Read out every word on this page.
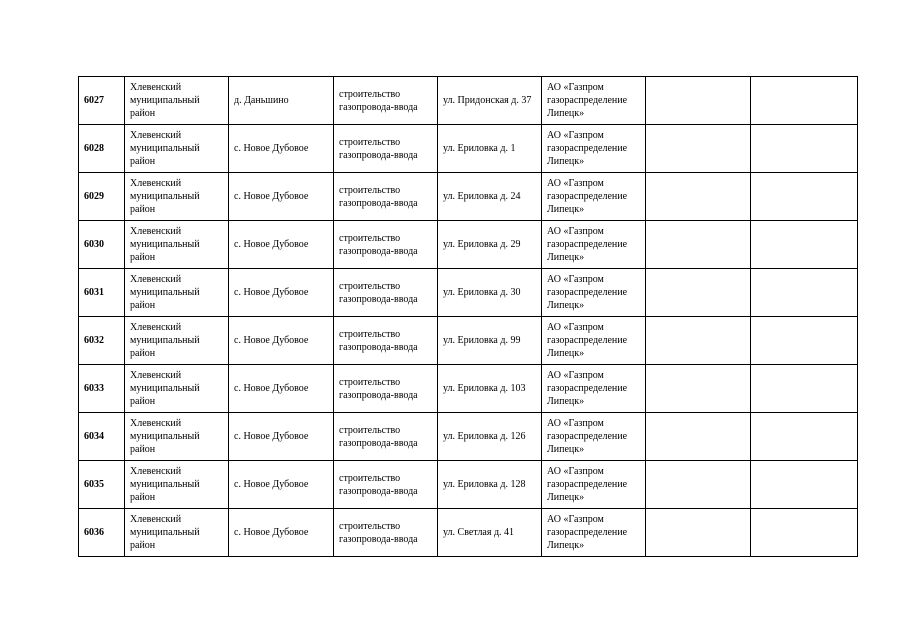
6027	Хлевенский муниципальный район	д. Даньшино	строительство газопровода-ввода	ул. Придонская д. 37	АО «Газпром газораспределение Липецк»		
6028	Хлевенский муниципальный район	с. Новое Дубовое	строительство газопровода-ввода	ул. Ериловка д. 1	АО «Газпром газораспределение Липецк»		
6029	Хлевенский муниципальный район	с. Новое Дубовое	строительство газопровода-ввода	ул. Ериловка д. 24	АО «Газпром газораспределение Липецк»		
6030	Хлевенский муниципальный район	с. Новое Дубовое	строительство газопровода-ввода	ул. Ериловка д. 29	АО «Газпром газораспределение Липецк»		
6031	Хлевенский муниципальный район	с. Новое Дубовое	строительство газопровода-ввода	ул. Ериловка д. 30	АО «Газпром газораспределение Липецк»		
6032	Хлевенский муниципальный район	с. Новое Дубовое	строительство газопровода-ввода	ул. Ериловка д. 99	АО «Газпром газораспределение Липецк»		
6033	Хлевенский муниципальный район	с. Новое Дубовое	строительство газопровода-ввода	ул. Ериловка д. 103	АО «Газпром газораспределение Липецк»		
6034	Хлевенский муниципальный район	с. Новое Дубовое	строительство газопровода-ввода	ул. Ериловка д. 126	АО «Газпром газораспределение Липецк»		
6035	Хлевенский муниципальный район	с. Новое Дубовое	строительство газопровода-ввода	ул. Ериловка д. 128	АО «Газпром газораспределение Липецк»		
6036	Хлевенский муниципальный район	с. Новое Дубовое	строительство газопровода-ввода	ул. Светлая д. 41	АО «Газпром газораспределение Липецк»		
